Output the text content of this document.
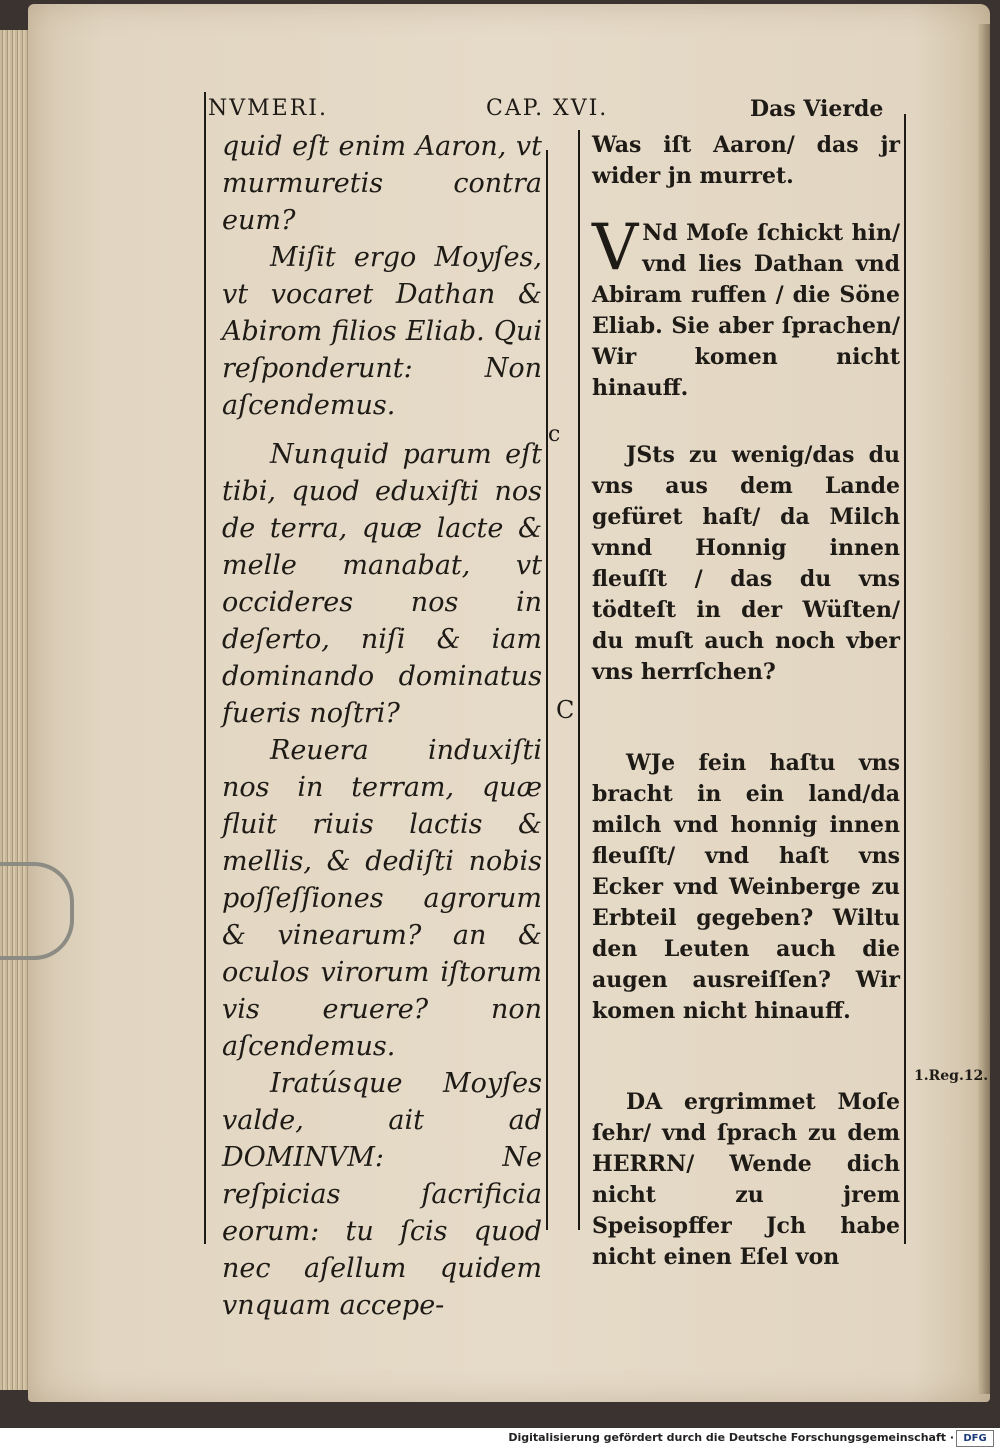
NVMERI.	CAP. XVI.	Das Vierde

quid eſt enim Aaron, vt murmuretis contra eum?

Miſit ergo Moyſes, vt vocaret Dathan & Abirom filios Eliab. Qui reſponderunt: Non aſcendemus.

Nunquid parum eſt tibi, quod eduxiſti nos de terra, quæ lacte & melle manabat, vt occideres nos in deſerto, niſi & iam dominando dominatus fueris noſtri?

Reuera induxiſti nos in terram, quæ fluit riuis lactis & mellis, & dediſti nobis poſſeſſiones agrorum & vinearum? an & oculos virorum iſtorum vis eruere? non aſcendemus.

Iratúsque Moyſes valde, ait ad DOMINVM: Ne reſpicias ſacrificia eorum: tu ſcis quod nec aſellum quidem vnquam accepe-

c
C

Was iſt Aaron/ das jr wider jn murret.

V Nd Moſe ſchickt hin/ vnd lies Dathan vnd Abiram ruffen / die Söne Eliab. Sie aber ſprachen/ Wir komen nicht hinauff.

JSts zu wenig/das du vns aus dem Lande gefüret haſt/ da Milch vnnd Honnig innen fleuſſt / das du vns tödteſt in der Wüſten/ du muſt auch noch vber vns herrſchen?

WJe fein haſtu vns bracht in ein land/da milch vnd honnig innen fleuſſt/ vnd haſt vns Ecker vnd Weinberge zu Erbteil gegeben? Wiltu den Leuten auch die augen ausreiſſen? Wir komen nicht hinauff.

DA ergrimmet Moſe ſehr/ vnd ſprach zu dem HERRN/ Wende dich nicht zu jrem Speisopffer Jch habe nicht einen Eſel von

1.Reg.12.
Digitalisierung gefördert durch die Deutsche Forschungsgemeinschaft · DFG
